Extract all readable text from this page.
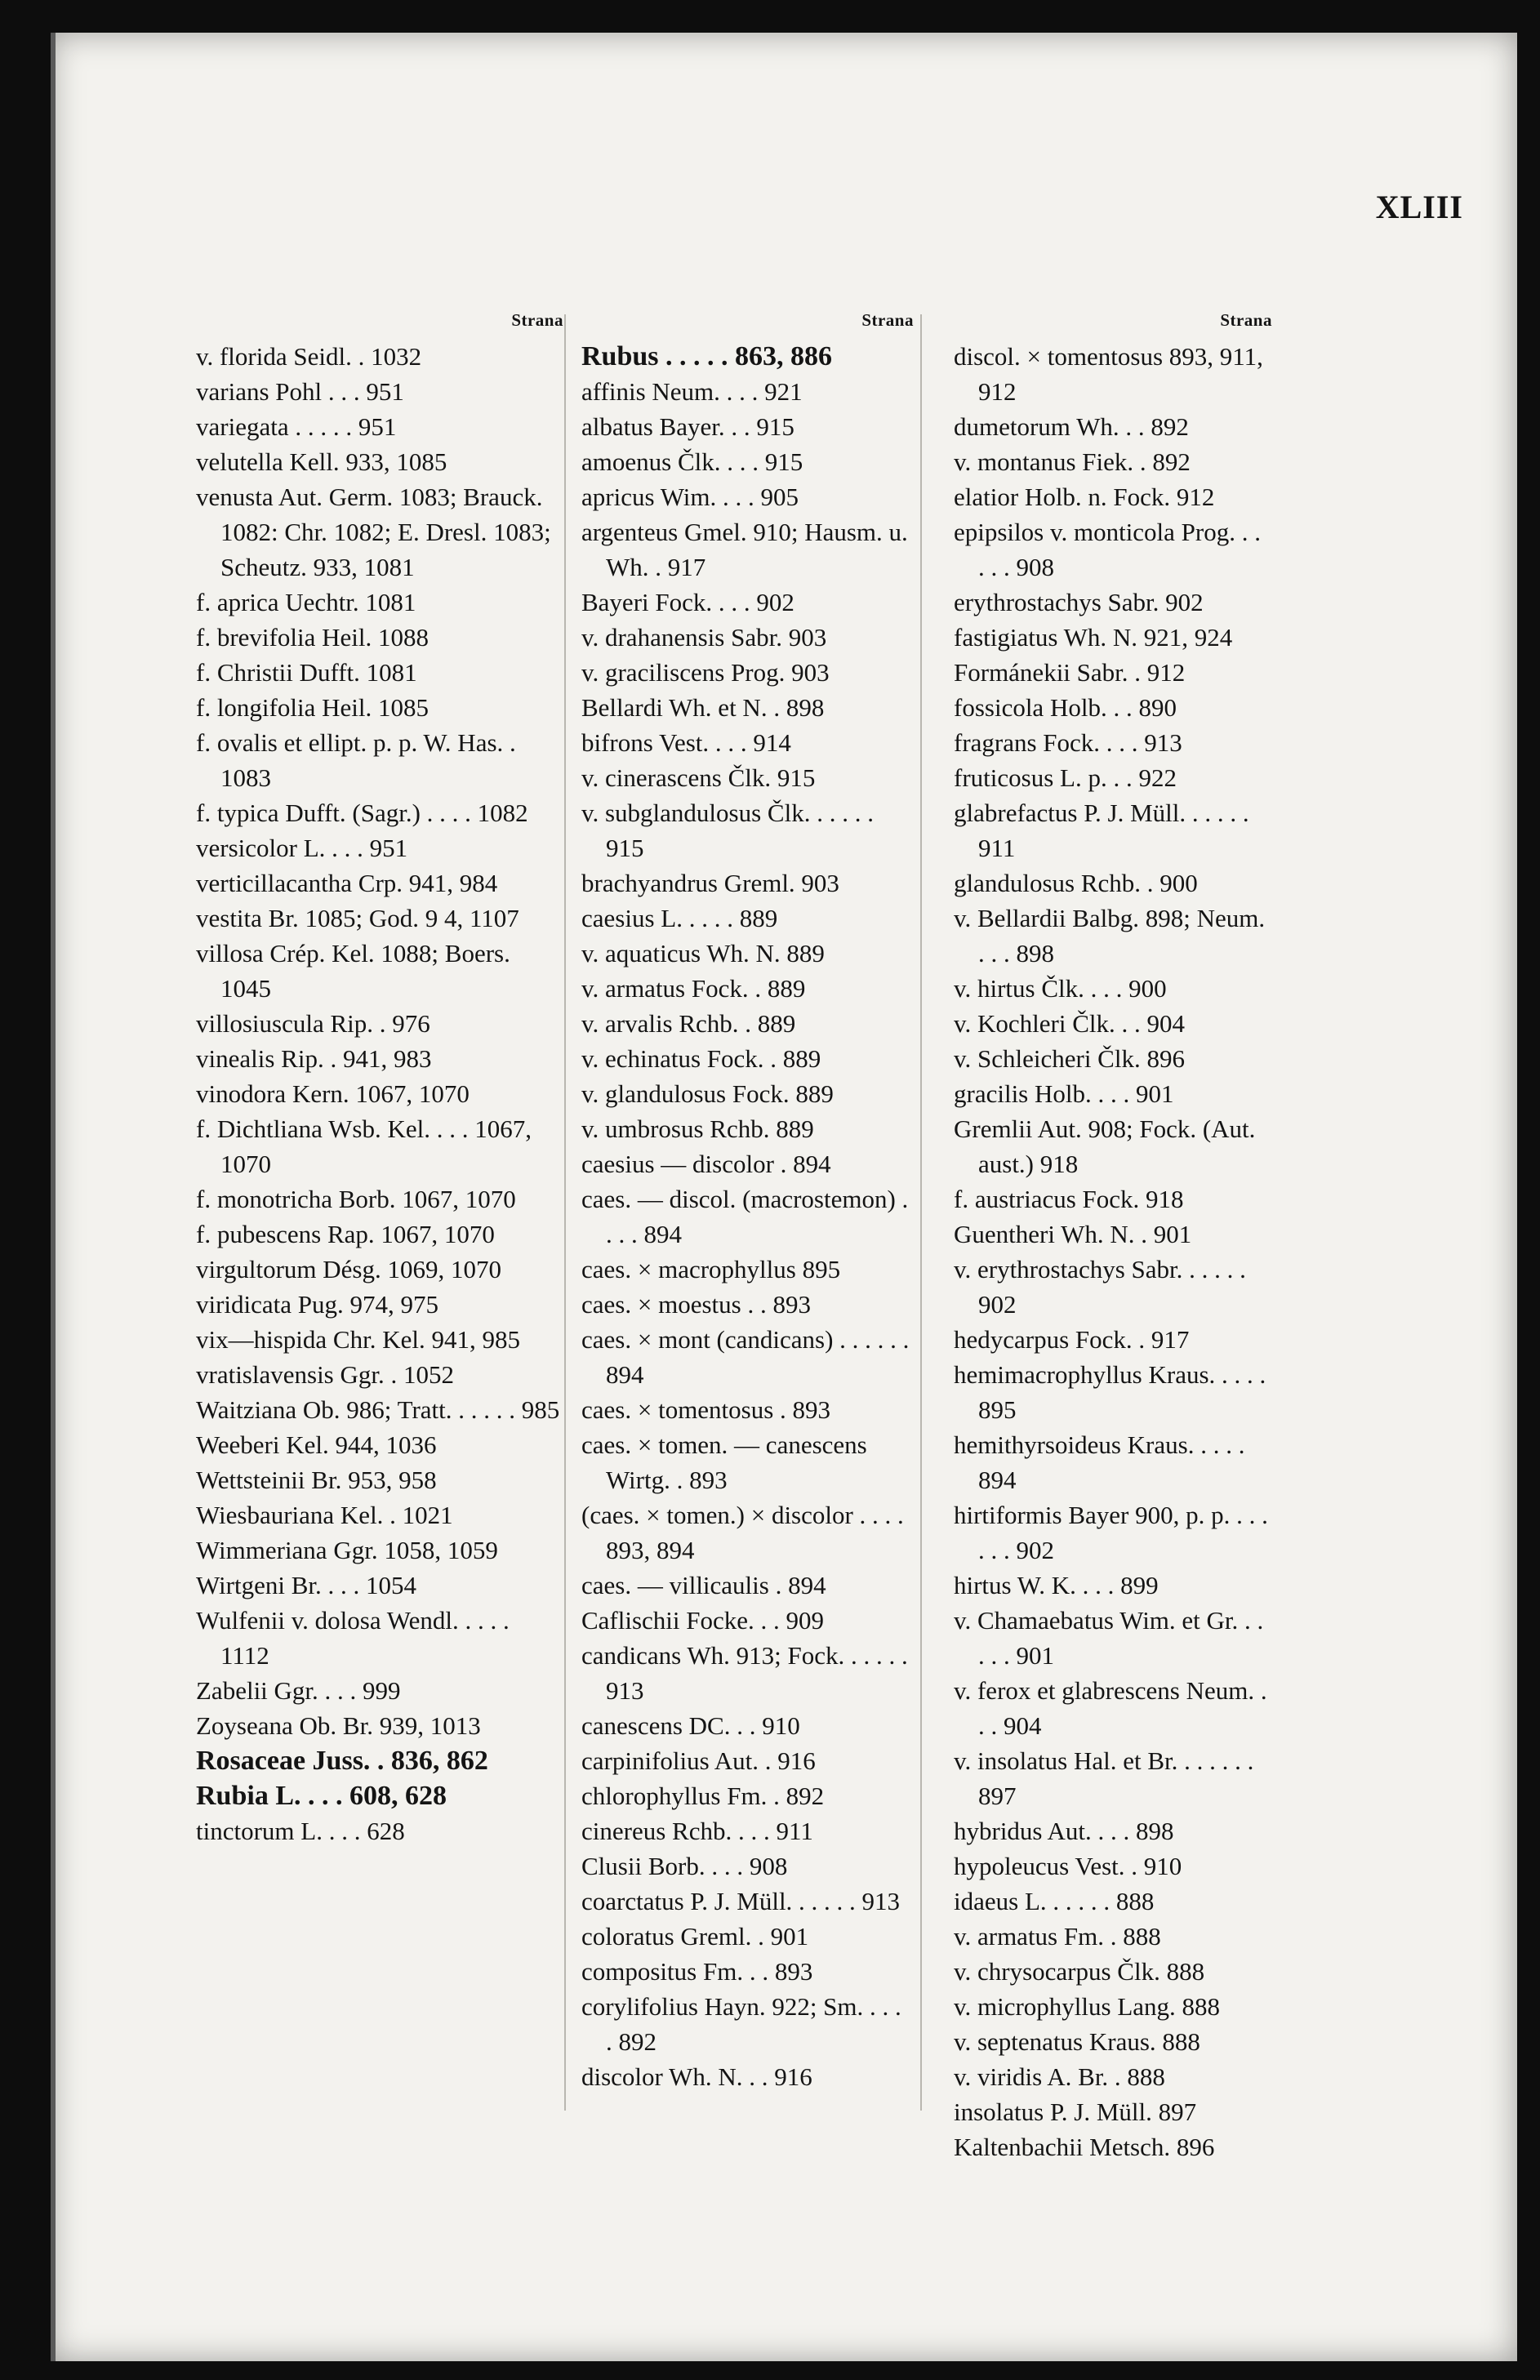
XLIII
Strana

v. florida Seidl. . 1032

varians Pohl . . . 951

variegata . . . . . 951

velutella Kell. 933, 1085

venusta Aut. Germ. 1083; Brauck. 1082: Chr. 1082; E. Dresl. 1083; Scheutz. 933, 1081

f. aprica Uechtr. 1081

f. brevifolia Heil. 1088

f. Christii Dufft. 1081

f. longifolia Heil. 1085

f. ovalis et ellipt. p. p. W. Has. . 1083

f. typica Dufft. (Sagr.) . . . . 1082

versicolor L. . . . 951

verticillacantha Crp. 941, 984

vestita Br. 1085; God. 9 4, 1107

villosa Crép. Kel. 1088; Boers. 1045

villosiuscula Rip. . 976

vinealis Rip. . 941, 983

vinodora Kern. 1067, 1070

f. Dichtliana Wsb. Kel. . . . 1067, 1070

f. monotricha Borb. 1067, 1070

f. pubescens Rap. 1067, 1070

virgultorum Désg. 1069, 1070

viridicata Pug. 974, 975

vix—hispida Chr. Kel. 941, 985

vratislavensis Ggr. . 1052

Waitziana Ob. 986; Tratt. . . . . . 985

Weeberi Kel. 944, 1036

Wettsteinii Br. 953, 958

Wiesbauriana Kel. . 1021

Wimmeriana Ggr. 1058, 1059

Wirtgeni Br. . . . 1054

Wulfenii v. dolosa Wendl. . . . . 1112

Zabelii Ggr. . . . 999

Zoyseana Ob. Br. 939, 1013

Rosaceae Juss. . 836, 862

Rubia L. . . . 608, 628

tinctorum L. . . . 628

Strana

Rubus . . . . . 863, 886

affinis Neum. . . . 921

albatus Bayer. . . 915

amoenus Člk. . . . 915

apricus Wim. . . . 905

argenteus Gmel. 910; Hausm. u. Wh. . 917

Bayeri Fock. . . . 902

v. drahanensis Sabr. 903

v. graciliscens Prog. 903

Bellardi Wh. et N. . 898

bifrons Vest. . . . 914

v. cinerascens Člk. 915

v. subglandulosus Člk. . . . . . 915

brachyandrus Greml. 903

caesius L. . . . . 889

v. aquaticus Wh. N. 889

v. armatus Fock. . 889

v. arvalis Rchb. . 889

v. echinatus Fock. . 889

v. glandulosus Fock. 889

v. umbrosus Rchb. 889

caesius — discolor . 894

caes. — discol. (macrostemon) . . . . 894

caes. × macrophyllus 895

caes. × moestus . . 893

caes. × mont (candicans) . . . . . . 894

caes. × tomentosus . 893

caes. × tomen. — canescens Wirtg. . 893

(caes. × tomen.) × discolor . . . . 893, 894

caes. — villicaulis . 894

Caflischii Focke. . . 909

candicans Wh. 913; Fock. . . . . . 913

canescens DC. . . 910

carpinifolius Aut. . 916

chlorophyllus Fm. . 892

cinereus Rchb. . . . 911

Clusii Borb. . . . 908

coarctatus P. J. Müll. . . . . . 913

coloratus Greml. . 901

compositus Fm. . . 893

corylifolius Hayn. 922; Sm. . . . . 892

discolor Wh. N. . . 916

Strana

discol. × tomentosus 893, 911, 912

dumetorum Wh. . . 892

v. montanus Fiek. . 892

elatior Holb. n. Fock. 912

epipsilos v. monticola Prog. . . . . . 908

erythrostachys Sabr. 902

fastigiatus Wh. N. 921, 924

Formánekii Sabr. . 912

fossicola Holb. . . 890

fragrans Fock. . . . 913

fruticosus L. p. . . 922

glabrefactus P. J. Müll. . . . . . 911

glandulosus Rchb. . 900

v. Bellardii Balbg. 898; Neum. . . . 898

v. hirtus Člk. . . . 900

v. Kochleri Člk. . . 904

v. Schleicheri Člk. 896

gracilis Holb. . . . 901

Gremlii Aut. 908; Fock. (Aut. aust.) 918

f. austriacus Fock. 918

Guentheri Wh. N. . 901

v. erythrostachys Sabr. . . . . . 902

hedycarpus Fock. . 917

hemimacrophyllus Kraus. . . . . 895

hemithyrsoideus Kraus. . . . . 894

hirtiformis Bayer 900, p. p. . . . . . . 902

hirtus W. K. . . . 899

v. Chamaebatus Wim. et Gr. . . . . . 901

v. ferox et glabrescens Neum. . . . 904

v. insolatus Hal. et Br. . . . . . . 897

hybridus Aut. . . . 898

hypoleucus Vest. . 910

idaeus L. . . . . . 888

v. armatus Fm. . 888

v. chrysocarpus Člk. 888

v. microphyllus Lang. 888

v. septenatus Kraus. 888

v. viridis A. Br. . 888

insolatus P. J. Müll. 897

Kaltenbachii Metsch. 896
